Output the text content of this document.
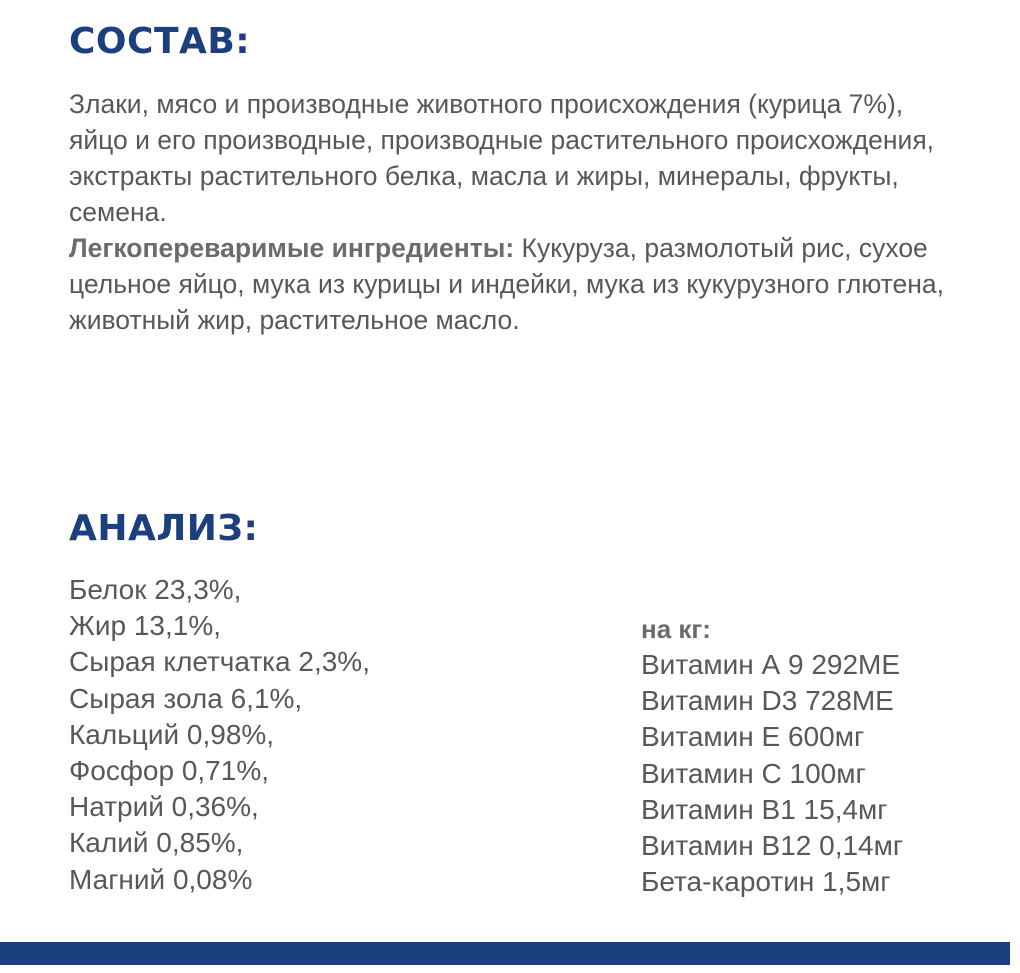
СОСТАВ:

Злаки, мясо и производные животного происхождения (курица 7%), яйцо и его производные, производные растительного происхождения, экстракты растительного белка, масла и жиры, минералы, фрукты, семена.
Легкопереваримые ингредиенты: Кукуруза, размолотый рис, сухое цельное яйцо, мука из курицы и индейки, мука из кукурузного глютена, животный жир, растительное масло.

АНАЛИЗ:
Белок 23,3%,
Жир 13,1%,
Сырая клетчатка 2,3%,
Сырая зола 6,1%,
Кальций 0,98%,
Фосфор 0,71%,
Натрий 0,36%,
Калий 0,85%,
Магний 0,08%
на кг:
Витамин А 9 292МЕ
Витамин D3 728МЕ
Витамин Е 600мг
Витамин С 100мг
Витамин В1 15,4мг
Витамин В12 0,14мг
Бета-каротин 1,5мг
